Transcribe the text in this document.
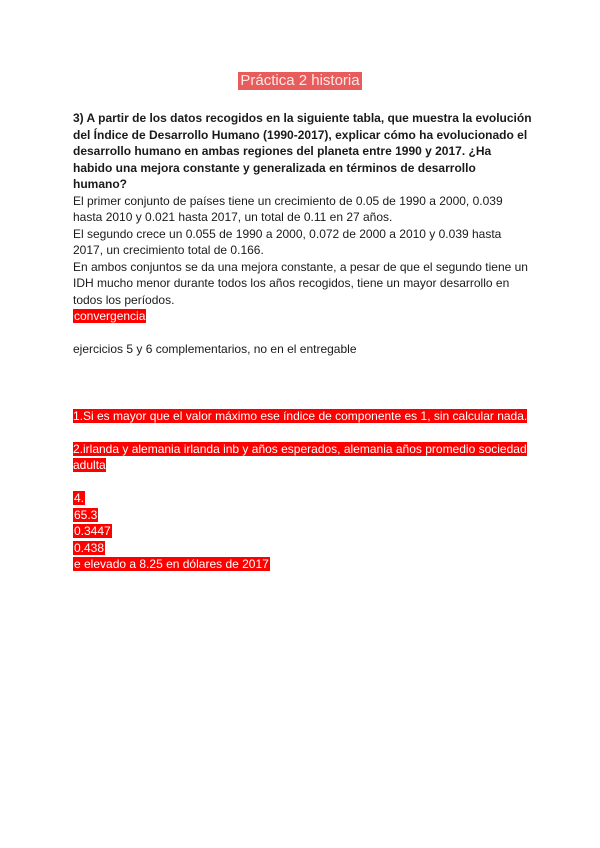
Práctica 2 historia

3) A partir de los datos recogidos en la siguiente tabla, que muestra la evolución del Índice de Desarrollo Humano (1990-2017), explicar cómo ha evolucionado el desarrollo humano en ambas regiones del planeta entre 1990 y 2017. ¿Ha habido una mejora constante y generalizada en términos de desarrollo humano?

El primer conjunto de países tiene un crecimiento de 0.05 de 1990 a 2000, 0.039 hasta 2010 y 0.021 hasta 2017, un total de 0.11 en 27 años.

El segundo crece un 0.055 de 1990 a 2000, 0.072 de 2000 a 2010 y 0.039 hasta 2017, un crecimiento total de 0.166.

En ambos conjuntos se da una mejora constante, a pesar de que el segundo tiene un IDH mucho menor durante todos los años recogidos, tiene un mayor desarrollo en todos los períodos.

convergencia

ejercicios 5 y 6 complementarios, no en el entregable

1.Si es mayor que el valor máximo ese índice de componente es 1, sin calcular nada.
2.irlanda y alemania irlanda inb y años esperados, alemania años promedio sociedad adulta
4.
65.3
0.3447
0.438
e elevado a 8.25 en dólares de 2017
